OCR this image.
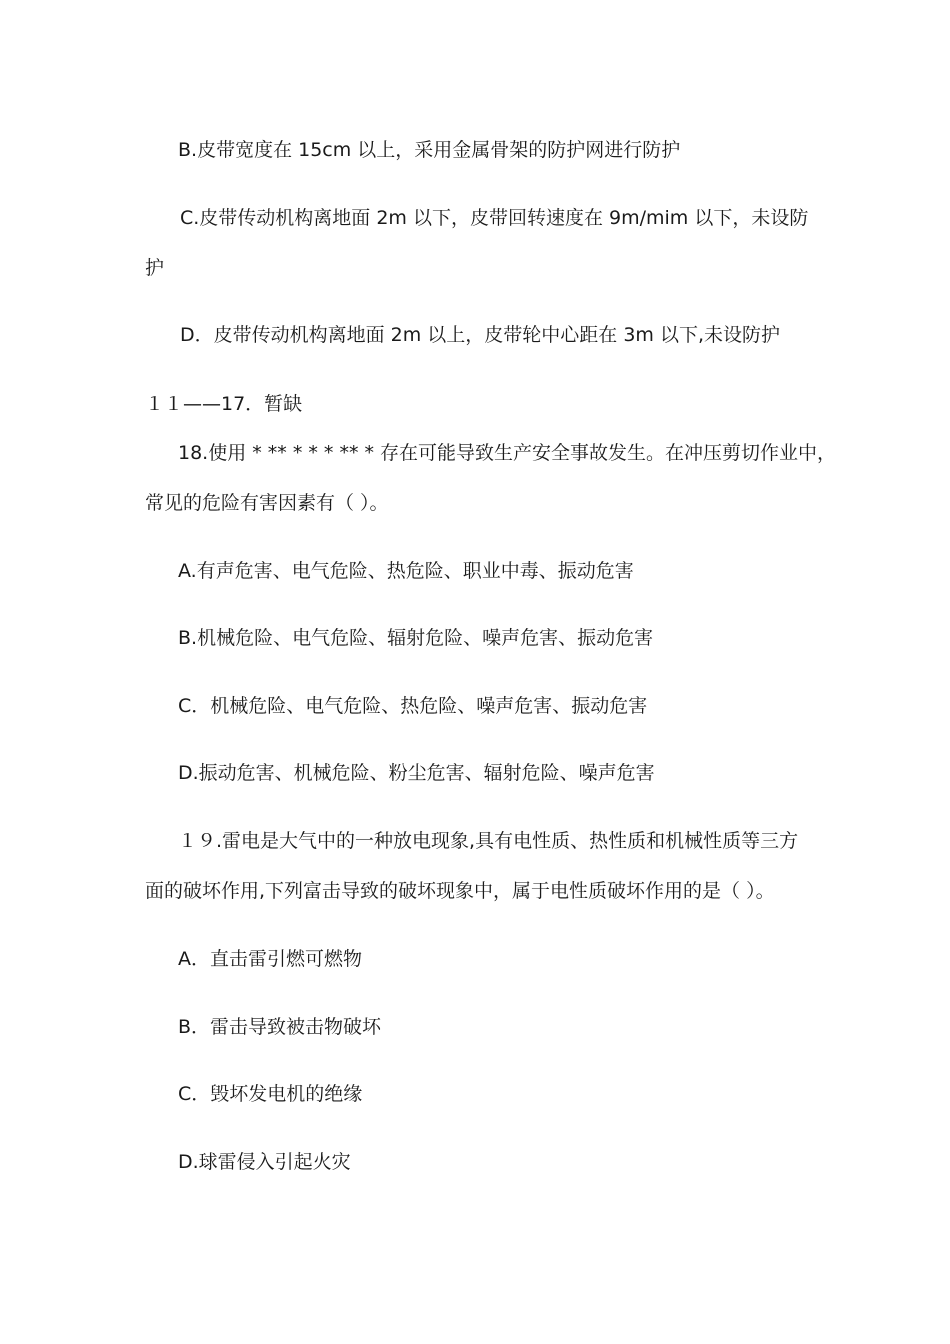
B.皮带宽度在 15cm 以上，采用金属骨架的防护网进行防护
C.皮带传动机构离地面 2m 以下，皮带回转速度在 9m/mim 以下，未设防
护
D．皮带传动机构离地面 2m 以上，皮带轮中心距在 3m 以下,未设防护
１１——17．暂缺
18.使用 * ** * * * ** * 存在可能导致生产安全事故发生。在冲压剪切作业中，
常见的危险有害因素有（ ）。
A.有声危害、电气危险、热危险、职业中毒、振动危害
B.机械危险、电气危险、辐射危险、噪声危害、振动危害
C．机械危险、电气危险、热危险、噪声危害、振动危害
D.振动危害、机械危险、粉尘危害、辐射危险、噪声危害
１９.雷电是大气中的一种放电现象,具有电性质、热性质和机械性质等三方
面的破坏作用,下列富击导致的破坏现象中，属于电性质破坏作用的是（ ）。
A．直击雷引燃可燃物
B．雷击导致被击物破坏
C．毁坏发电机的绝缘
D.球雷侵入引起火灾
